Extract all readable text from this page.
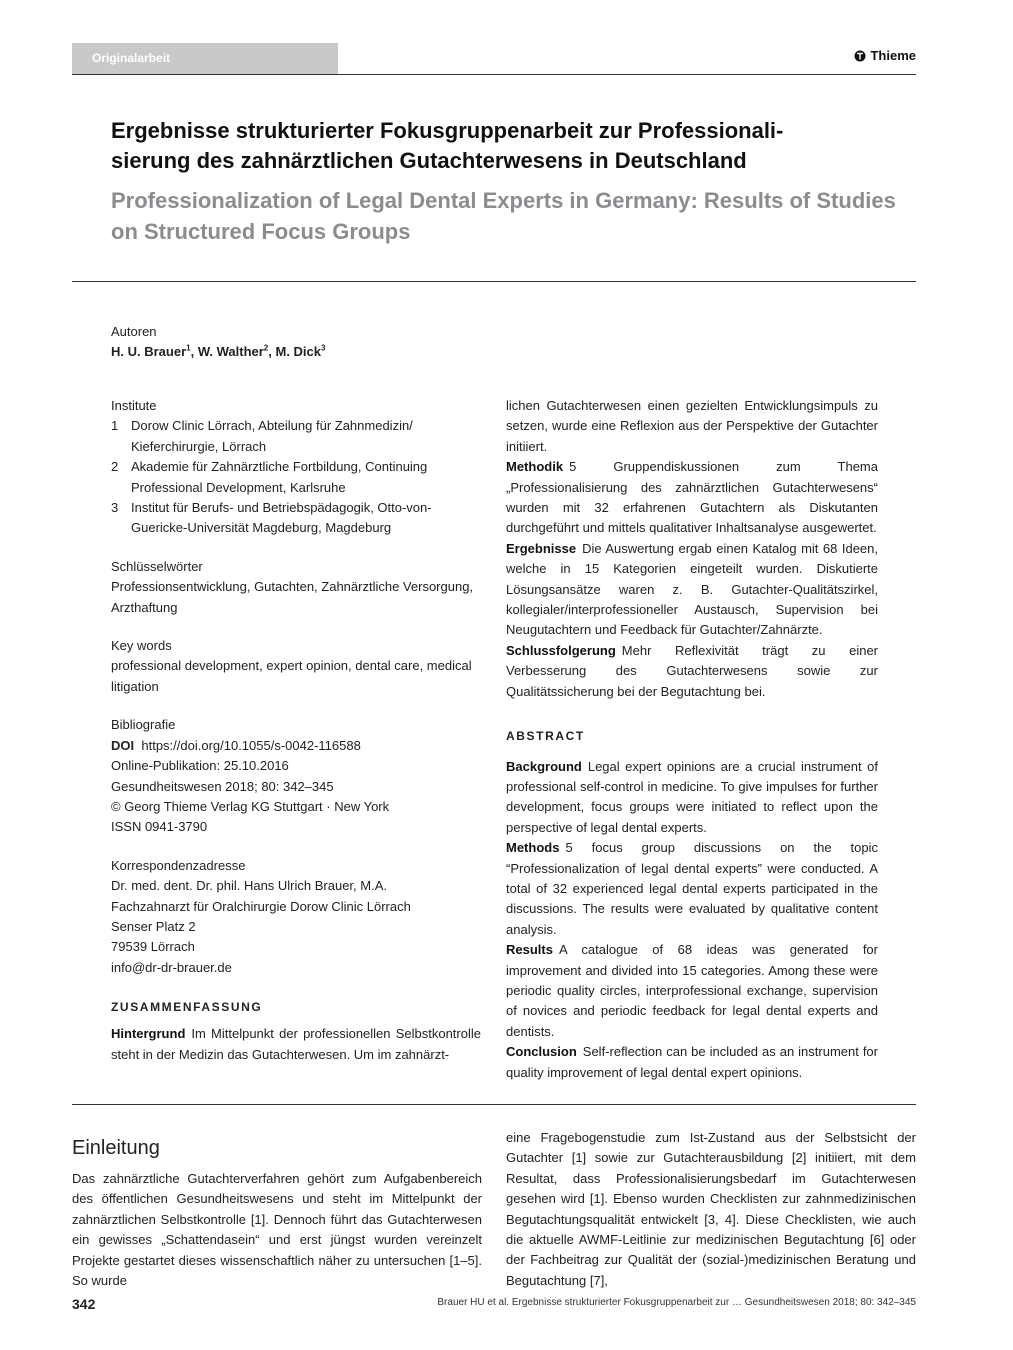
Originalarbeit	Thieme
Ergebnisse strukturierter Fokusgruppenarbeit zur Professionali-
sierung des zahnärztlichen Gutachterwesens in Deutschland
Professionalization of Legal Dental Experts in Germany: Results of Studies on Structured Focus Groups
Autoren
H. U. Brauer$^1$, W. Walther$^2$, M. Dick$^3$
Institute
1 Dorow Clinic Lörrach, Abteilung für Zahnmedizin/ Kieferchirurgie, Lörrach
2 Akademie für Zahnärztliche Fortbildung, Continuing Professional Development, Karlsruhe
3 Institut für Berufs- und Betriebspädagogik, Otto-von-Guericke-Universität Magdeburg, Magdeburg
Schlüsselwörter
Professionsentwicklung, Gutachten, Zahnärztliche Versorgung, Arzthaftung
Key words
professional development, expert opinion, dental care, medical litigation
Bibliografie
DOI https://doi.org/10.1055/s-0042-116588
Online-Publikation: 25.10.2016
Gesundheitswesen 2018; 80: 342–345
© Georg Thieme Verlag KG Stuttgart · New York
ISSN 0941-3790
Korrespondenzadresse
Dr. med. dent. Dr. phil. Hans Ulrich Brauer, M.A.
Fachzahnarzt für Oralchirurgie Dorow Clinic Lörrach
Senser Platz 2
79539 Lörrach
info@dr-dr-brauer.de
ZUSAMMENFASSUNG
Hintergrund Im Mittelpunkt der professionellen Selbstkontrolle steht in der Medizin das Gutachterwesen. Um im zahnärzt-
lichen Gutachterwesen einen gezielten Entwicklungsimpuls zu setzen, wurde eine Reflexion aus der Perspektive der Gutachter initiiert.
Methodik 5 Gruppendiskussionen zum Thema „Professionalisierung des zahnärztlichen Gutachterwesens“ wurden mit 32 erfahrenen Gutachtern als Diskutanten durchgeführt und mittels qualitativer Inhaltsanalyse ausgewertet.
Ergebnisse Die Auswertung ergab einen Katalog mit 68 Ideen, welche in 15 Kategorien eingeteilt wurden. Diskutierte Lösungsansätze waren z. B. Gutachter-Qualitätszirkel, kollegialer/interprofessioneller Austausch, Supervision bei Neugutachtern und Feedback für Gutachter/Zahnärzte.
Schlussfolgerung Mehr Reflexivität trägt zu einer Verbesserung des Gutachterwesens sowie zur Qualitätssicherung bei der Begutachtung bei.
ABSTRACT
Background Legal expert opinions are a crucial instrument of professional self-control in medicine. To give impulses for further development, focus groups were initiated to reflect upon the perspective of legal dental experts.
Methods 5 focus group discussions on the topic “Professionalization of legal dental experts” were conducted. A total of 32 experienced legal dental experts participated in the discussions. The results were evaluated by qualitative content analysis.
Results A catalogue of 68 ideas was generated for improvement and divided into 15 categories. Among these were periodic quality circles, interprofessional exchange, supervision of novices and periodic feedback for legal dental experts and dentists.
Conclusion Self-reflection can be included as an instrument for quality improvement of legal dental expert opinions.
Einleitung
Das zahnärztliche Gutachterverfahren gehört zum Aufgabenbereich des öffentlichen Gesundheitswesens und steht im Mittelpunkt der zahnärztlichen Selbstkontrolle [1]. Dennoch führt das Gutachterwesen ein gewisses „Schattendasein“ und erst jüngst wurden vereinzelt Projekte gestartet dieses wissenschaftlich näher zu untersuchen [1–5]. So wurde
eine Fragebogenstudie zum Ist-Zustand aus der Selbstsicht der Gutachter [1] sowie zur Gutachterausbildung [2] initiiert, mit dem Resultat, dass Professionalisierungsbedarf im Gutachterwesen gesehen wird [1]. Ebenso wurden Checklisten zur zahnmedizinischen Begutachtungsqualität entwickelt [3, 4]. Diese Checklisten, wie auch die aktuelle AWMF-Leitlinie zur medizinischen Begutachtung [6] oder der Fachbeitrag zur Qualität der (sozial-)medizinischen Beratung und Begutachtung [7],
342	Brauer HU et al. Ergebnisse strukturierter Fokusgruppenarbeit zur … Gesundheitswesen 2018; 80: 342–345
